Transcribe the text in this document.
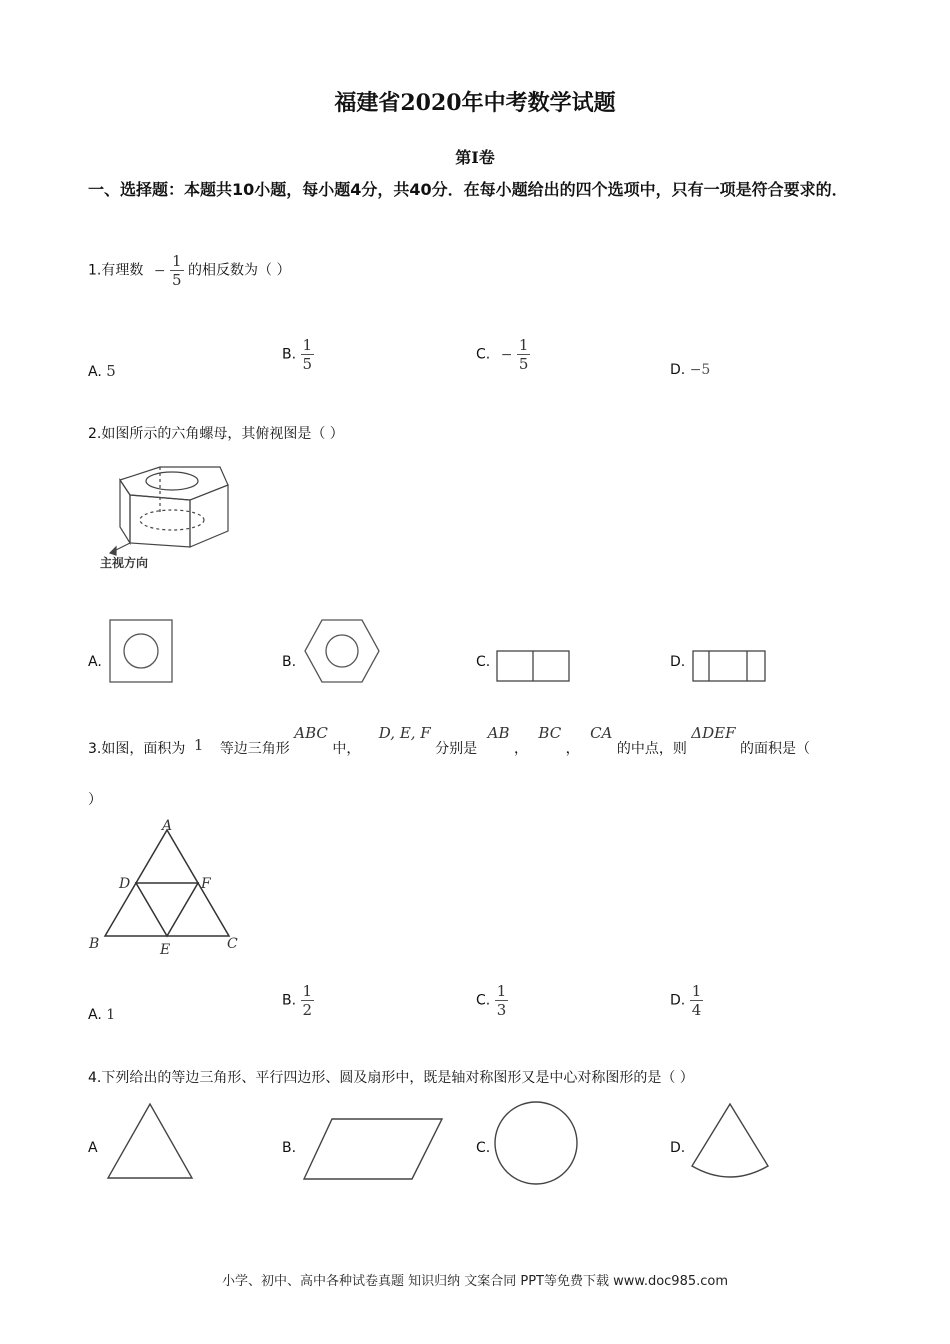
福建省2020年中考数学试题
第Ⅰ卷
一、选择题：本题共10小题，每小题4分，共40分．在每小题给出的四个选项中，只有一项是符合要求的．
1.有理数 − $\frac{1}{5}$ 的相反数为（ ）
A. 5
B. $\frac{1}{5}$	C. − $\frac{1}{5}$	D. −5
2.如图所示的六角螺母，其俯视图是（ ）
主视方向
A.	B.	C.	D.
3.如图，面积为 1 等边三角形 ABC 中， D, E, F 分别是 AB ， BC ， CA 的中点，则 ΔDEF 的面积是（
）
A
B	C
D
E
F
A. 1
B. $\frac{1}{2}$	C. $\frac{1}{3}$	D. $\frac{1}{4}$
4.下列给出的等边三角形、平行四边形、圆及扇形中，既是轴对称图形又是中心对称图形的是（ ）
A	B.	C.	D.
小学、初中、高中各种试卷真题 知识归纳 文案合同 PPT等免费下载 www.doc985.com
